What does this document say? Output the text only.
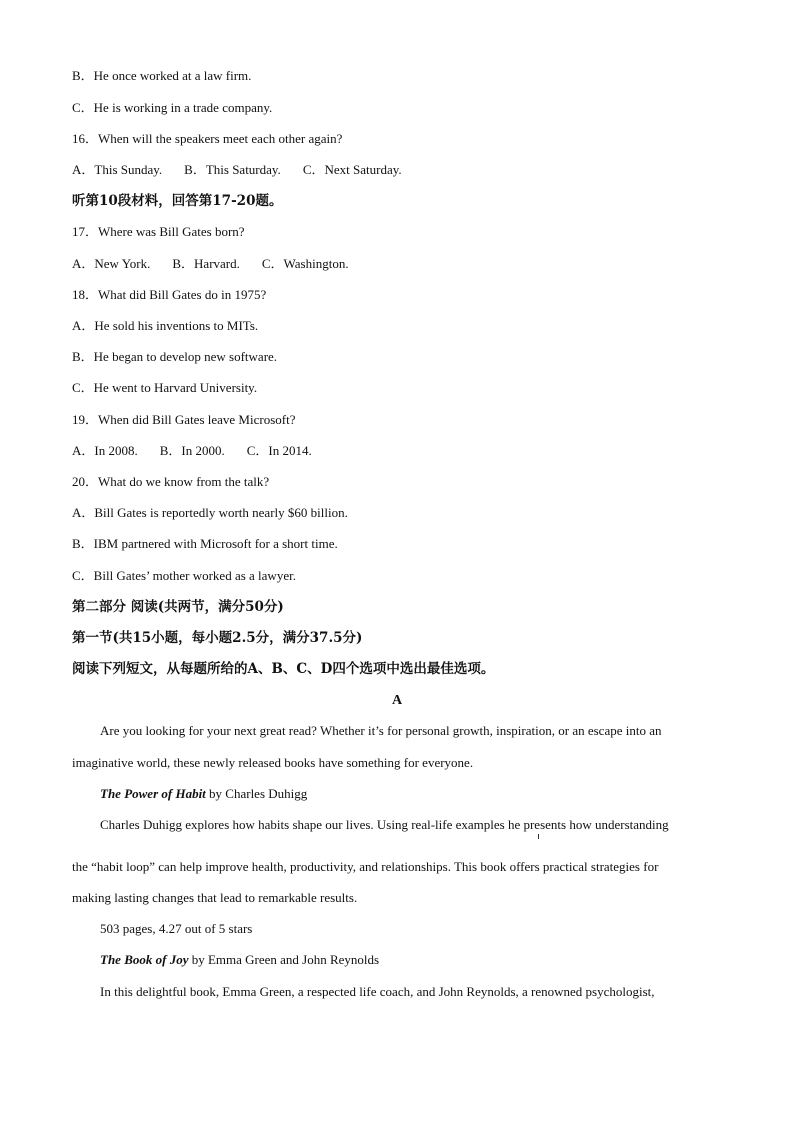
B．He once worked at a law firm.
C．He is working in a trade company.
16．When will the speakers meet each other again?
A．This Sunday. B．This Saturday. C．Next Saturday.
听第10段材料，回答第17-20题。
17．Where was Bill Gates born?
A．New York. B．Harvard. C．Washington.
18．What did Bill Gates do in 1975?
A．He sold his inventions to MITs.
B．He began to develop new software.
C．He went to Harvard University.
19．When did Bill Gates leave Microsoft?
A．In 2008. B．In 2000. C．In 2014.
20．What do we know from the talk?
A．Bill Gates is reportedly worth nearly $60 billion.
B．IBM partnered with Microsoft for a short time.
C．Bill Gates’ mother worked as a lawyer.
第二部分 阅读(共两节，满分50分)
第一节(共15小题，每小题2.5分，满分37.5分)
阅读下列短文，从每题所给的A、B、C、D四个选项中选出最佳选项。
A
Are you looking for your next great read? Whether it’s for personal growth, inspiration, or an escape into an
imaginative world, these newly released books have something for everyone.
The Power of Habit by Charles Duhigg
Charles Duhigg explores how habits shape our lives. Using real-life examples he presents how understanding
the “habit loop” can help improve health, productivity, and relationships. This book offers practical strategies for
making lasting changes that lead to remarkable results.
503 pages, 4.27 out of 5 stars
The Book of Joy by Emma Green and John Reynolds
In this delightful book, Emma Green, a respected life coach, and John Reynolds, a renowned psychologist,
